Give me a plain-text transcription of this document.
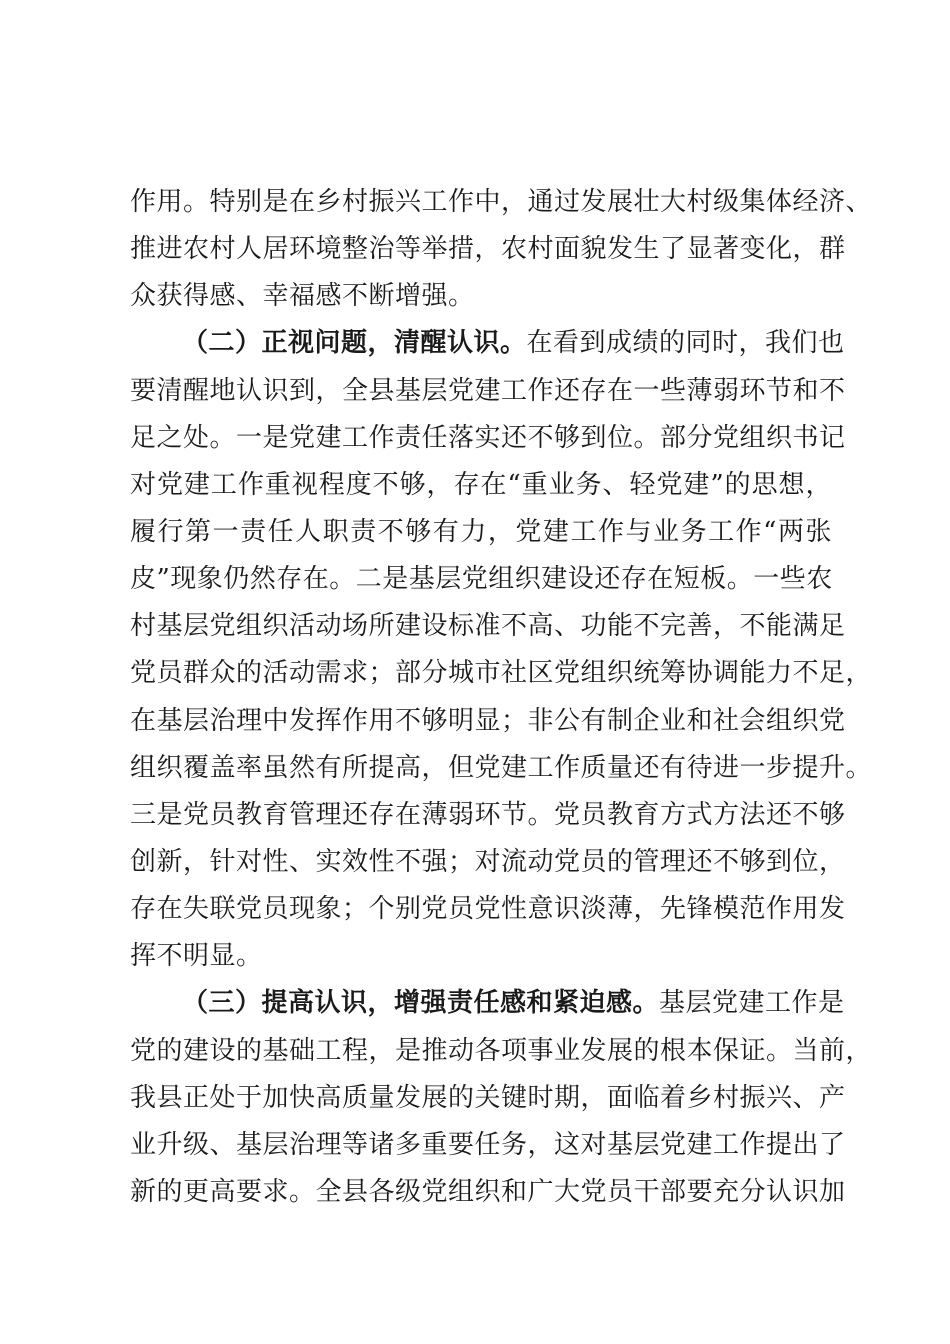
作用。特别是在乡村振兴工作中，通过发展壮大村级集体经济、
推进农村人居环境整治等举措，农村面貌发生了显著变化，群
众获得感、幸福感不断增强。
（二）正视问题，清醒认识。在看到成绩的同时，我们也
要清醒地认识到，全县基层党建工作还存在一些薄弱环节和不
足之处。一是党建工作责任落实还不够到位。部分党组织书记
对党建工作重视程度不够，存在“重业务、轻党建”的思想，
履行第一责任人职责不够有力，党建工作与业务工作“两张
皮”现象仍然存在。二是基层党组织建设还存在短板。一些农
村基层党组织活动场所建设标准不高、功能不完善，不能满足
党员群众的活动需求；部分城市社区党组织统筹协调能力不足，
在基层治理中发挥作用不够明显；非公有制企业和社会组织党
组织覆盖率虽然有所提高，但党建工作质量还有待进一步提升。
三是党员教育管理还存在薄弱环节。党员教育方式方法还不够
创新，针对性、实效性不强；对流动党员的管理还不够到位，
存在失联党员现象；个别党员党性意识淡薄，先锋模范作用发
挥不明显。
（三）提高认识，增强责任感和紧迫感。基层党建工作是
党的建设的基础工程，是推动各项事业发展的根本保证。当前，
我县正处于加快高质量发展的关键时期，面临着乡村振兴、产
业升级、基层治理等诸多重要任务，这对基层党建工作提出了
新的更高要求。全县各级党组织和广大党员干部要充分认识加
